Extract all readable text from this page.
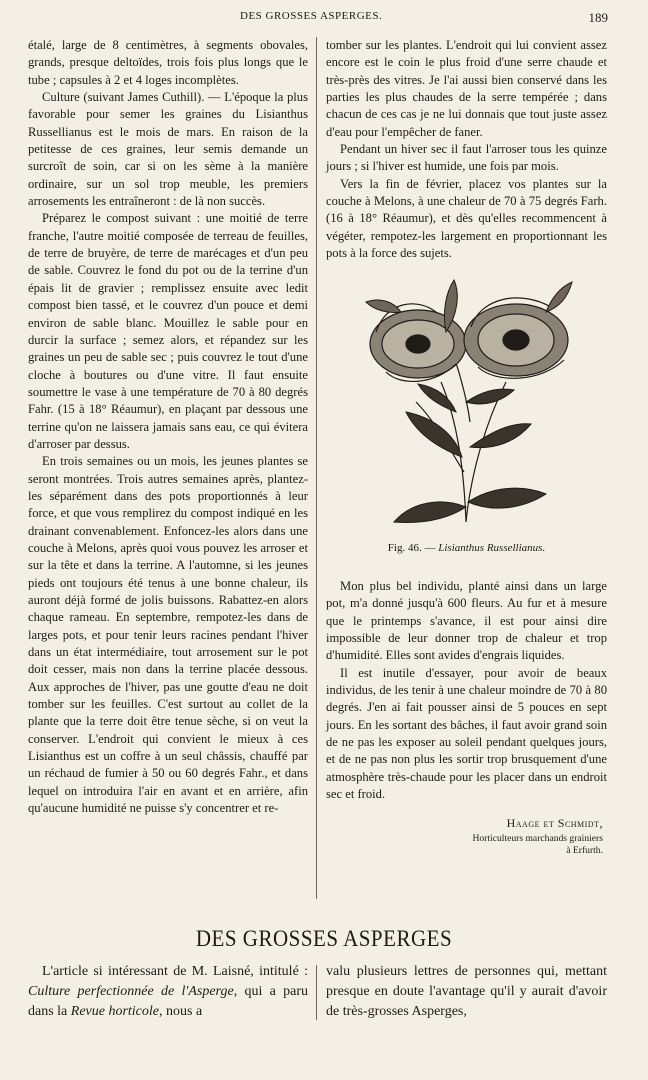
DES GROSSES ASPERGES.	189

étalé, large de 8 centimètres, à segments obovales, grands, presque deltoïdes, trois fois plus longs que le tube ; capsules à 2 et 4 loges incomplètes.

Culture (suivant James Cuthill). — L'époque la plus favorable pour semer les graines du Lisianthus Russellianus est le mois de mars. En raison de la petitesse de ces graines, leur semis demande un surcroît de soin, car si on les sème à la manière ordinaire, sur un sol trop meuble, les premiers arrosements les entraîneront : de là non succès.

Préparez le compost suivant : une moitié de terre franche, l'autre moitié composée de terreau de feuilles, de terre de bruyère, de terre de marécages et d'un peu de sable. Couvrez le fond du pot ou de la terrine d'un épais lit de gravier ; remplissez ensuite avec ledit compost bien tassé, et le couvrez d'un pouce et demi environ de sable blanc. Mouillez le sable pour en durcir la surface ; semez alors, et répandez sur les graines un peu de sable sec ; puis couvrez le tout d'une cloche à boutures ou d'une vitre. Il faut ensuite soumettre le vase à une température de 70 à 80 degrés Fahr. (15 à 18° Réaumur), en plaçant par dessous une terrine qu'on ne laissera jamais sans eau, ce qui évitera d'arroser par dessus.

En trois semaines ou un mois, les jeunes plantes se seront montrées. Trois autres semaines après, plantez-les séparément dans des pots proportionnés à leur force, et que vous remplirez du compost indiqué en les drainant convenablement. Enfoncez-les alors dans une couche à Melons, après quoi vous pouvez les arroser et sur la tête et dans la terrine. A l'automne, si les jeunes pieds ont toujours été tenus à une bonne chaleur, ils auront déjà formé de jolis buissons. Rabattez-en alors chaque rameau. En septembre, rempotez-les dans de larges pots, et pour tenir leurs racines pendant l'hiver dans un état intermédiaire, tout arrosement sur le pot doit cesser, mais non dans la terrine placée dessous. Aux approches de l'hiver, pas une goutte d'eau ne doit tomber sur les feuilles. C'est surtout au collet de la plante que la terre doit être tenue sèche, si on veut la conserver. L'endroit qui convient le mieux à ces Lisianthus est un coffre à un seul châssis, chauffé par un réchaud de fumier à 50 ou 60 degrés Fahr., et dans lequel on introduira l'air en avant et en arrière, afin qu'aucune humidité ne puisse s'y concentrer et re-

tomber sur les plantes. L'endroit qui lui convient assez encore est le coin le plus froid d'une serre chaude et très-près des vitres. Je l'ai aussi bien conservé dans les parties les plus chaudes de la serre tempérée ; dans chacun de ces cas je ne lui donnais que tout juste assez d'eau pour l'empêcher de faner.

Pendant un hiver sec il faut l'arroser tous les quinze jours ; si l'hiver est humide, une fois par mois.

Vers la fin de février, placez vos plantes sur la couche à Melons, à une chaleur de 70 à 75 degrés Farh. (16 à 18° Réaumur), et dès qu'elles recommencent à végéter, rempotez-les largement en proportionnant les pots à la force des sujets.

Fig. 46. — Lisianthus Russellianus.

Mon plus bel individu, planté ainsi dans un large pot, m'a donné jusqu'à 600 fleurs. Au fur et à mesure que le printemps s'avance, il est pour ainsi dire impossible de leur donner trop de chaleur et trop d'humidité. Elles sont avides d'engrais liquides.

Il est inutile d'essayer, pour avoir de beaux individus, de les tenir à une chaleur moindre de 70 à 80 degrés. J'en ai fait pousser ainsi de 5 pouces en sept jours. En les sortant des bâches, il faut avoir grand soin de ne pas les exposer au soleil pendant quelques jours, et de ne pas non plus les sortir trop brusquement d'une atmosphère très-chaude pour les placer dans un endroit sec et froid.

Haage et Schmidt,
Horticulteurs marchands grainiers
à Erfurth.
DES GROSSES ASPERGES

L'article si intéressant de M. Laisné, intitulé : Culture perfectionnée de l'Asperge, qui a paru dans la Revue horticole, nous a

valu plusieurs lettres de personnes qui, mettant presque en doute l'avantage qu'il y aurait d'avoir de très-grosses Asperges,
